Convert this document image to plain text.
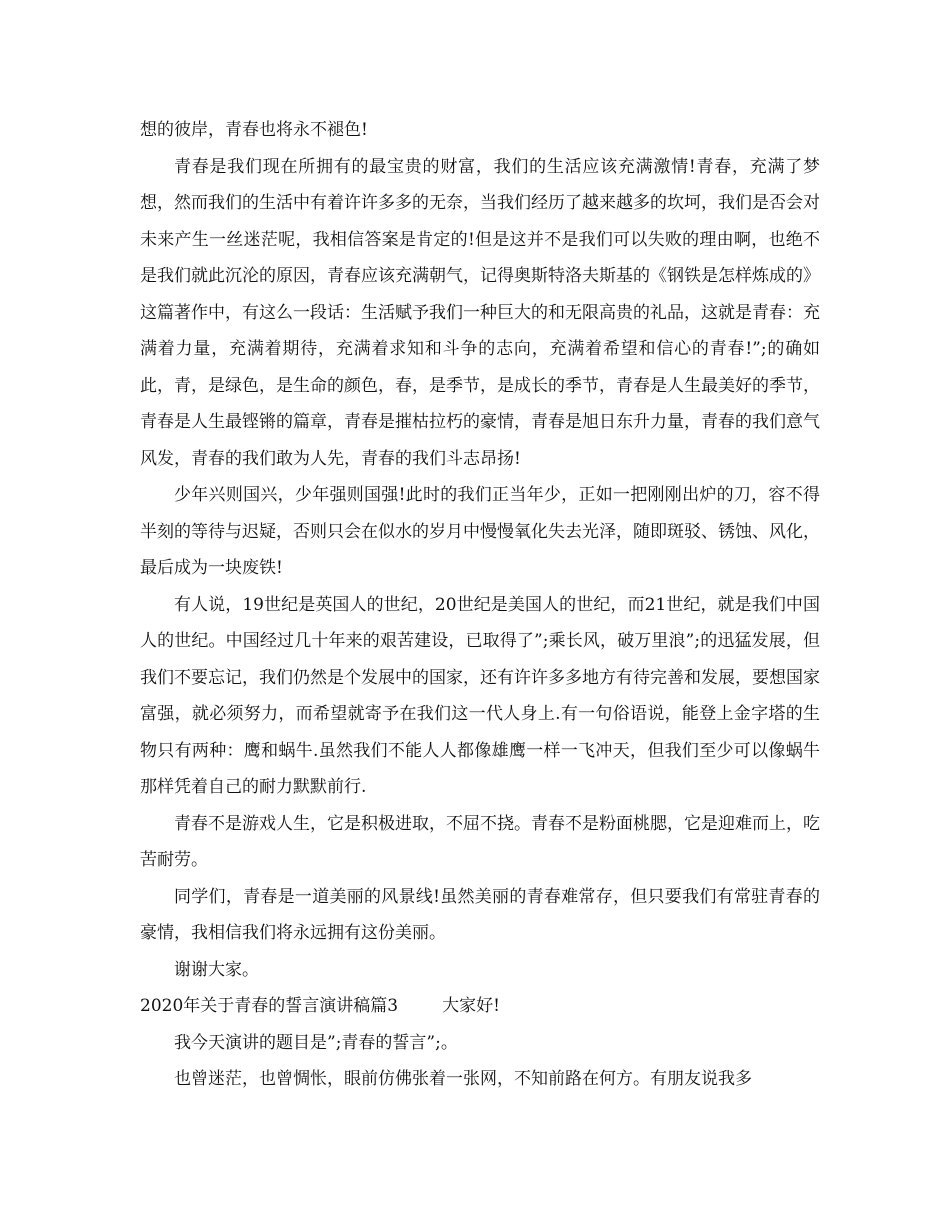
想的彼岸，青春也将永不褪色!

青春是我们现在所拥有的最宝贵的财富，我们的生活应该充满激情!青春，充满了梦想，然而我们的生活中有着许许多多的无奈，当我们经历了越来越多的坎坷，我们是否会对未来产生一丝迷茫呢，我相信答案是肯定的!但是这并不是我们可以失败的理由啊，也绝不是我们就此沉沦的原因，青春应该充满朝气，记得奥斯特洛夫斯基的《钢铁是怎样炼成的》这篇著作中，有这么一段话：生活赋予我们一种巨大的和无限高贵的礼品，这就是青春：充满着力量，充满着期待，充满着求知和斗争的志向，充满着希望和信心的青春!”;的确如此，青，是绿色，是生命的颜色，春，是季节，是成长的季节，青春是人生最美好的季节，青春是人生最铿锵的篇章，青春是摧枯拉朽的豪情，青春是旭日东升力量，青春的我们意气风发，青春的我们敢为人先，青春的我们斗志昂扬!

少年兴则国兴，少年强则国强!此时的我们正当年少，正如一把刚刚出炉的刀，容不得半刻的等待与迟疑，否则只会在似水的岁月中慢慢氧化失去光泽，随即斑驳、锈蚀、风化，最后成为一块废铁!

有人说，19世纪是英国人的世纪，20世纪是美国人的世纪，而21世纪，就是我们中国人的世纪。中国经过几十年来的艰苦建设，已取得了”;乘长风，破万里浪”;的迅猛发展，但我们不要忘记，我们仍然是个发展中的国家，还有许许多多地方有待完善和发展，要想国家富强，就必须努力，而希望就寄予在我们这一代人身上.有一句俗语说，能登上金字塔的生物只有两种：鹰和蜗牛.虽然我们不能人人都像雄鹰一样一飞冲天，但我们至少可以像蜗牛那样凭着自己的耐力默默前行.

青春不是游戏人生，它是积极进取，不屈不挠。青春不是粉面桃腮，它是迎难而上，吃苦耐劳。

同学们，青春是一道美丽的风景线!虽然美丽的青春难常存，但只要我们有常驻青春的豪情，我相信我们将永远拥有这份美丽。

谢谢大家。

2020年关于青春的誓言演讲稿篇3	大家好!

我今天演讲的题目是”;青春的誓言”;。

也曾迷茫，也曾惆怅，眼前仿佛张着一张网，不知前路在何方。有朋友说我多
